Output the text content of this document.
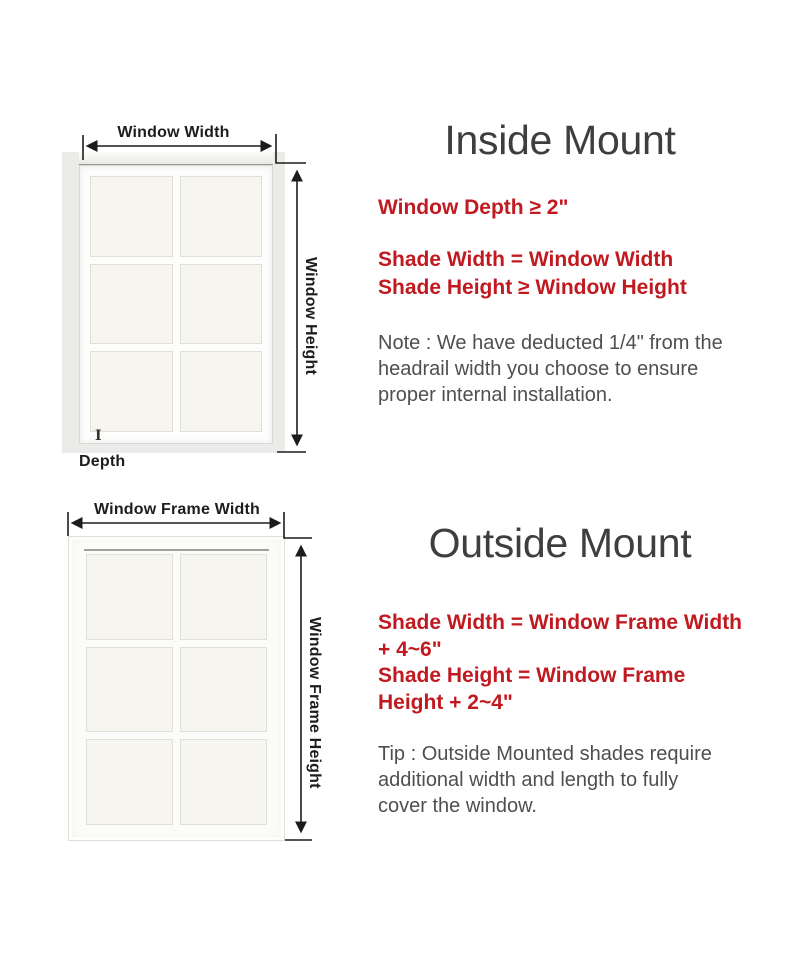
I
Window Width
Window Height
Depth
Window Frame Width
Window Frame Height
Inside Mount
Window Depth ≥ 2"
Shade Width = Window Width
Shade Height ≥ Window Height
Note : We have deducted 1/4" from the
headrail width you choose to ensure
proper internal installation.
Outside Mount
Shade Width = Window Frame Width
+ 4~6"
Shade Height = Window Frame
Height + 2~4"
Tip : Outside Mounted shades require
additional width and length to fully
cover the window.
